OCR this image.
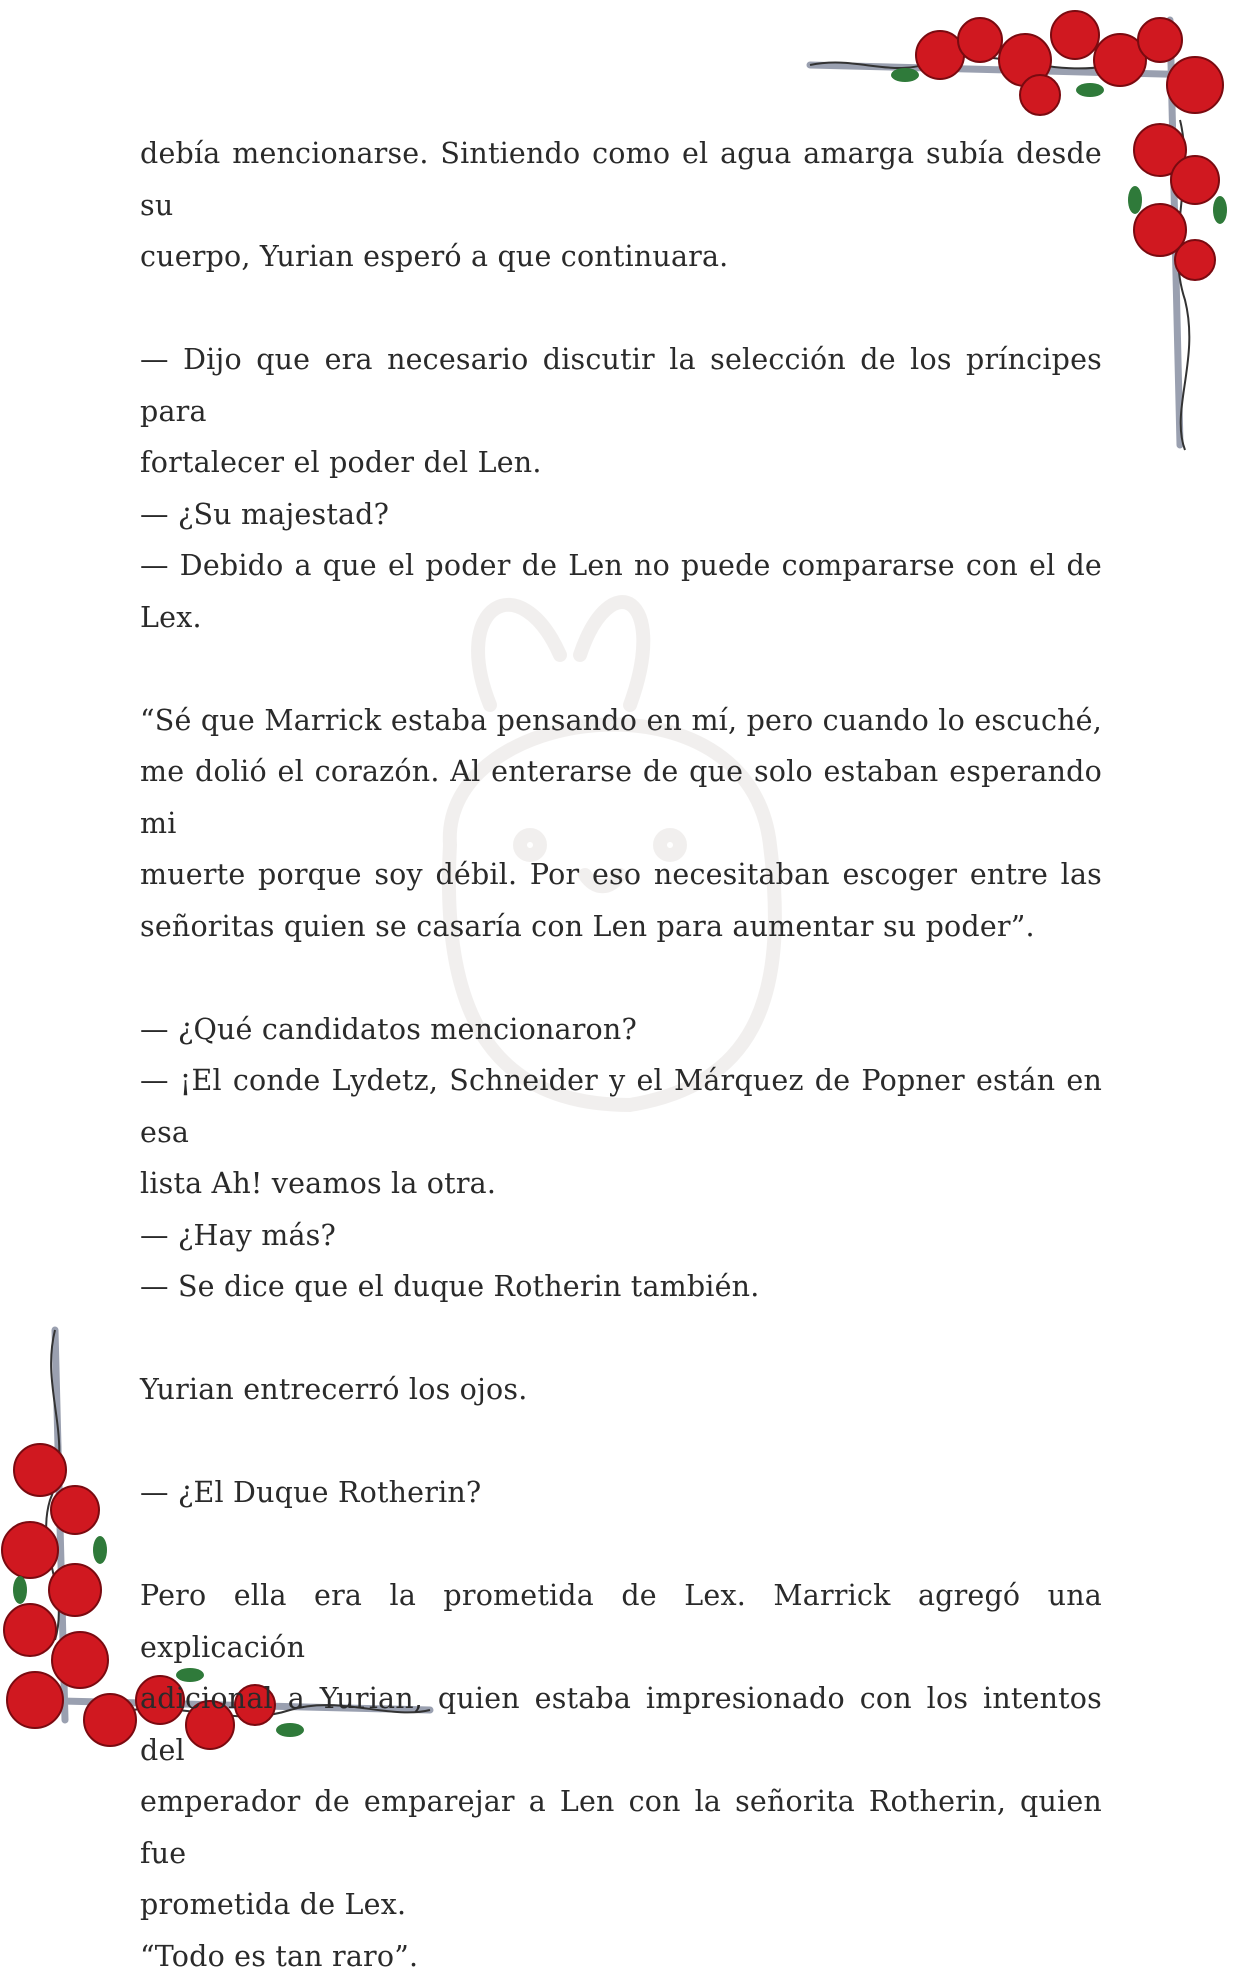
debía mencionarse. Sintiendo como el agua amarga subía desde su
cuerpo, Yurian esperó a que continuara.
— Dijo que era necesario discutir la selección de los príncipes para
fortalecer el poder del Len.
— ¿Su majestad?
— Debido a que el poder de Len no puede compararse con el de
Lex.
“Sé que Marrick estaba pensando en mí, pero cuando lo escuché,
me dolió el corazón. Al enterarse de que solo estaban esperando mi
muerte porque soy débil. Por eso necesitaban escoger entre las
señoritas quien se casaría con Len para aumentar su poder”.
— ¿Qué candidatos mencionaron?
— ¡El conde Lydetz, Schneider y el Márquez de Popner están en esa
lista Ah! veamos la otra.
— ¿Hay más?
— Se dice que el duque Rotherin también.
Yurian entrecerró los ojos.
— ¿El Duque Rotherin?
Pero ella era la prometida de Lex. Marrick agregó una explicación
adicional a Yurian, quien estaba impresionado con los intentos del
emperador de emparejar a Len con la señorita Rotherin, quien fue
prometida de Lex.
“Todo es tan raro”.
